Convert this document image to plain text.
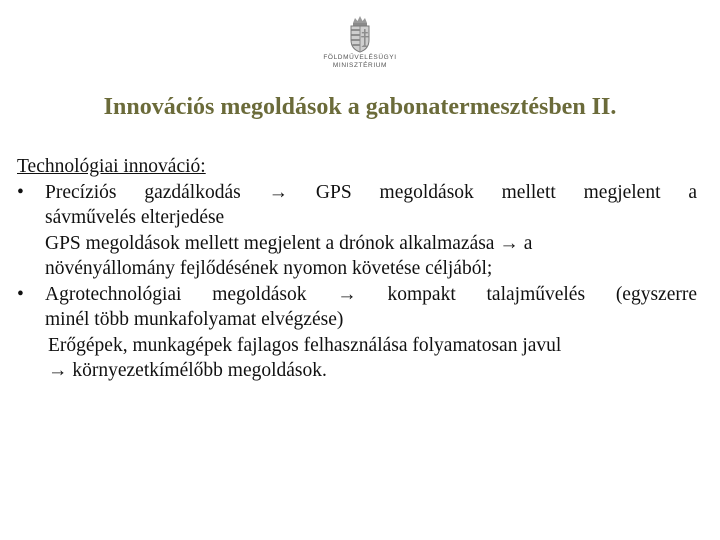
FÖLDMŰVELÉSÜGYI
MINISZTÉRIUM
Innovációs megoldások a gabonatermesztésben II.
Technológiai innováció:
• Precíziós gazdálkodás → GPS megoldások mellett megjelent a
sávművelés elterjedése
GPS megoldások mellett megjelent a drónok alkalmazása → a
növényállomány fejlődésének nyomon követése céljából;
• Agrotechnológiai megoldások → kompakt talajművelés (egyszerre
minél több munkafolyamat elvégzése)
Erőgépek, munkagépek fajlagos felhasználása folyamatosan javul
→ környezetkímélőbb megoldások.
